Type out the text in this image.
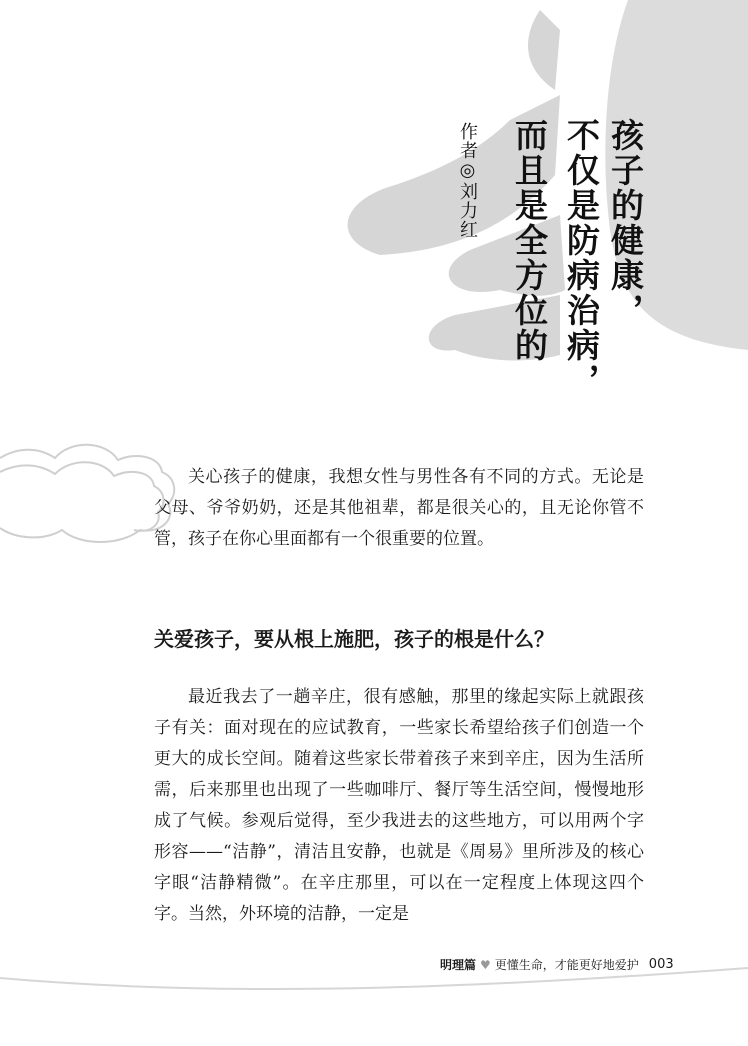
孩子的健康，
不仅是防病治病，
而且是全方位的
作者◎刘力红

关心孩子的健康，我想女性与男性各有不同的方式。无论是父母、爷爷奶奶，还是其他祖辈，都是很关心的，且无论你管不管，孩子在你心里面都有一个很重要的位置。

关爱孩子，要从根上施肥，孩子的根是什么？

最近我去了一趟辛庄，很有感触，那里的缘起实际上就跟孩子有关：面对现在的应试教育，一些家长希望给孩子们创造一个更大的成长空间。随着这些家长带着孩子来到辛庄，因为生活所需，后来那里也出现了一些咖啡厅、餐厅等生活空间，慢慢地形成了气候。参观后觉得，至少我进去的这些地方，可以用两个字形容——“洁静”，清洁且安静，也就是《周易》里所涉及的核心字眼“洁静精微”。在辛庄那里，可以在一定程度上体现这四个字。当然，外环境的洁静，一定是

明理篇 ♥ 更懂生命，才能更好地爱护 003
